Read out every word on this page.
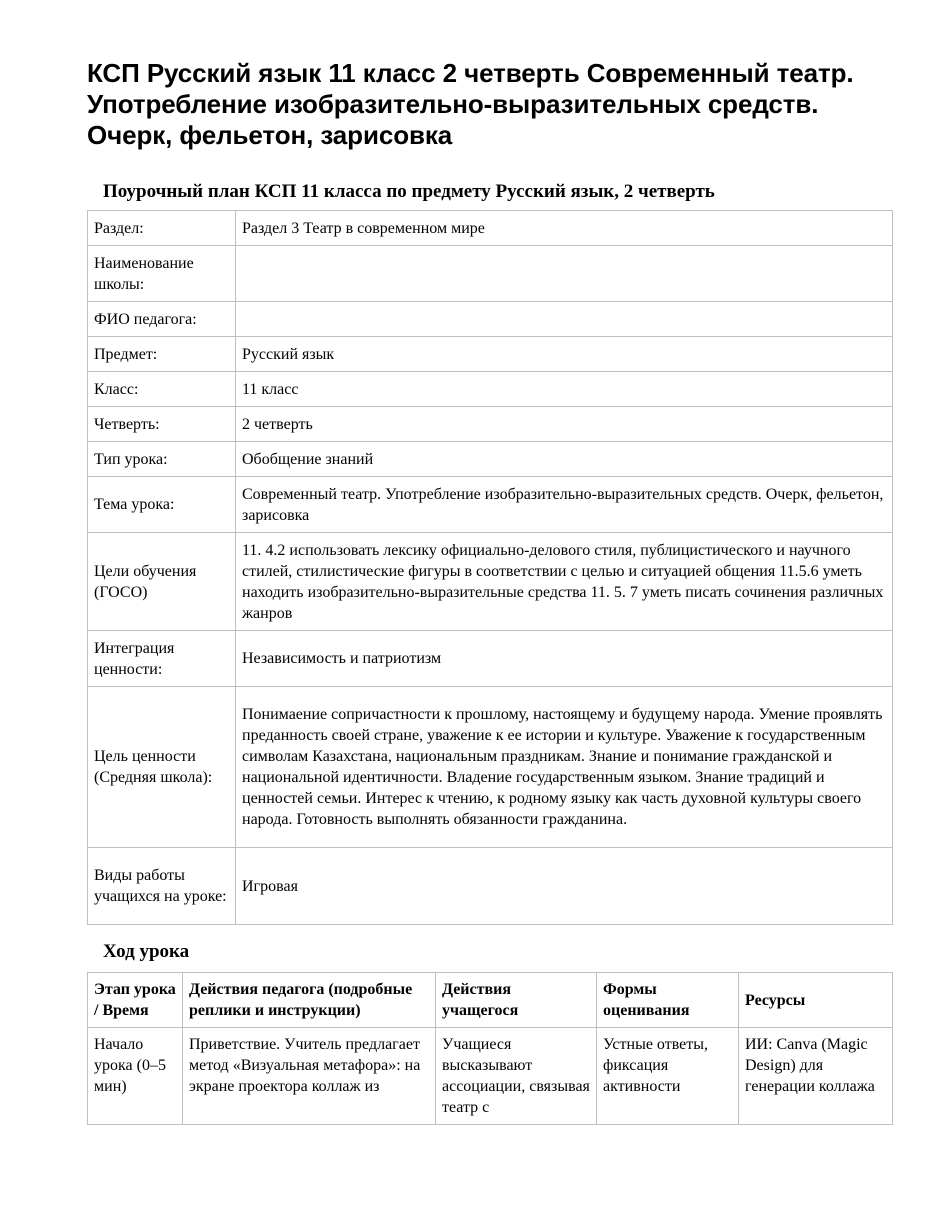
КСП Русский язык 11 класс 2 четверть Современный театр. Употребление изобразительно-выразительных средств. Очерк, фельетон, зарисовка
Поурочный план КСП 11 класса по предмету Русский язык, 2 четверть
Раздел:	Раздел 3 Театр в современном мире
Наименование школы:	
ФИО педагога:	
Предмет:	Русский язык
Класс:	11 класс
Четверть:	2 четверть
Тип урока:	Обобщение знаний
Тема урока:	Современный театр. Употребление изобразительно-выразительных средств. Очерк, фельетон, зарисовка
Цели обучения (ГОСО)	11. 4.2 использовать лексику официально-делового стиля, публицистического и научного стилей, стилистические фигуры в соответствии с целью и ситуацией общения 11.5.6 уметь находить изобразительно-выразительные средства 11. 5. 7 уметь писать сочинения различных жанров
Интеграция ценности:	Независимость и патриотизм
Цель ценности (Средняя школа):	Понимаение сопричастности к прошлому, настоящему и будущему народа. Умение проявлять преданность своей стране, уважение к ее истории и культуре. Уважение к государственным символам Казахстана, национальным праздникам. Знание и понимание гражданской и национальной идентичности. Владение государственным языком. Знание традиций и ценностей семьи. Интерес к чтению, к родному языку как часть духовной культуры своего народа. Готовность выполнять обязанности гражданина.
Виды работы учащихся на уроке:	Игровая
Ход урока
Этап урока / Время	Действия педагога (подробные реплики и инструкции)	Действия учащегося	Формы оценивания	Ресурсы
Начало урока (0–5 мин)	Приветствие. Учитель предлагает метод «Визуальная метафора»: на экране проектора коллаж из	Учащиеся высказывают ассоциации, связывая театр с	Устные ответы, фиксация активности	ИИ: Canva (Magic Design) для генерации коллажа
